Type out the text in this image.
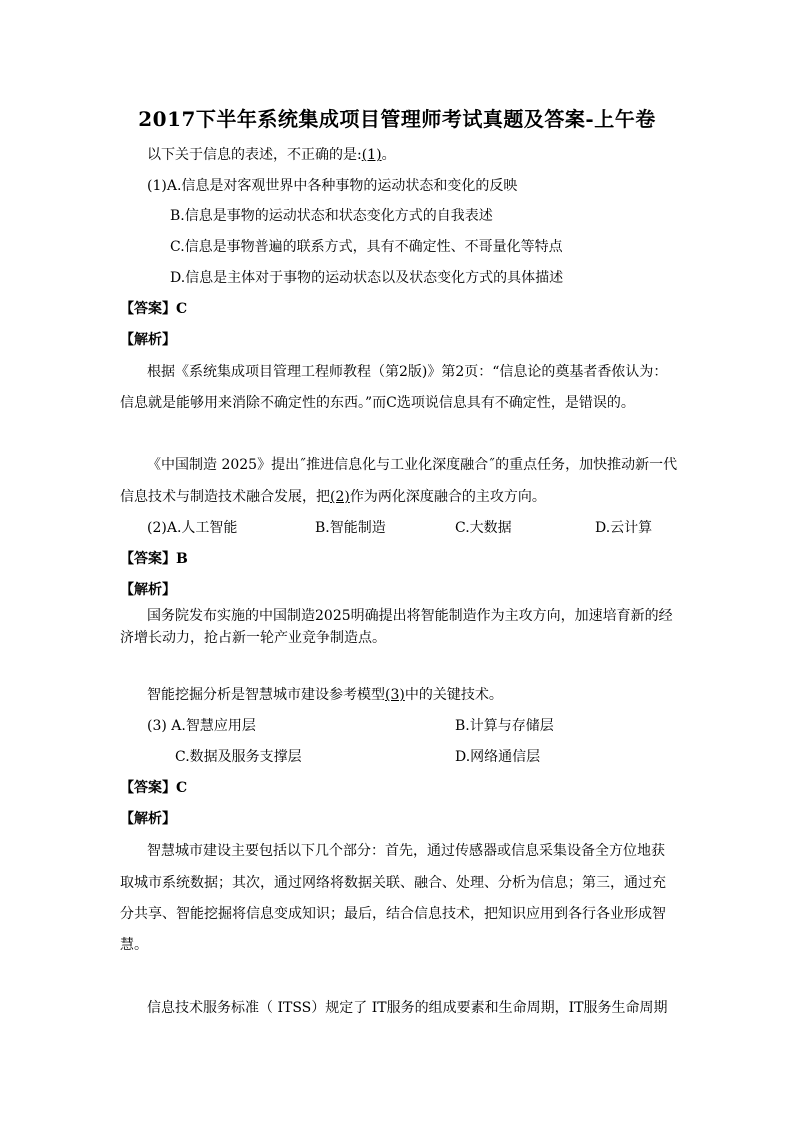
2017下半年系统集成项目管理师考试真题及答案-上午卷
以下关于信息的表述，不正确的是:(1)。
(1)A.信息是对客观世界中各种事物的运动状态和变化的反映
B.信息是事物的运动状态和状态变化方式的自我表述
C.信息是事物普遍的联系方式，具有不确定性、不哥量化等特点
D.信息是主体对于事物的运动状态以及状态变化方式的具体描述
【答案】C
【解析】
根据《系统集成项目管理工程师教程（第2版)》第2页：“信息论的奠基者香侬认为：
信息就是能够用来消除不确定性的东西。”而C选项说信息具有不确定性，是错误的。
《中国制造 2025》提出˝推进信息化与工业化深度融合˝的重点任务，加快推动新一代
信息技术与制造技术融合发展，把(2)作为两化深度融合的主攻方向。
(2)A.人工智能	B.智能制造	C.大数据	D.云计算
【答案】B
【解析】
国务院发布实施的中国制造2025明确提出将智能制造作为主攻方向，加速培育新的经
济增长动力，抢占新一轮产业竞争制造点。
智能挖掘分析是智慧城市建设参考模型(3)中的关键技术。
(3) A.智慧应用层	B.计算与存储层
C.数据及服务支撑层	D.网络通信层
【答案】C
【解析】
智慧城市建设主要包括以下几个部分：首先，通过传感器或信息采集设备全方位地获
取城市系统数据；其次，通过网络将数据关联、融合、处理、分析为信息；第三，通过充
分共享、智能挖掘将信息变成知识；最后，结合信息技术，把知识应用到各行各业形成智
慧。
信息技术服务标准（ ITSS）规定了 IT服务的组成要素和生命周期，IT服务生命周期
